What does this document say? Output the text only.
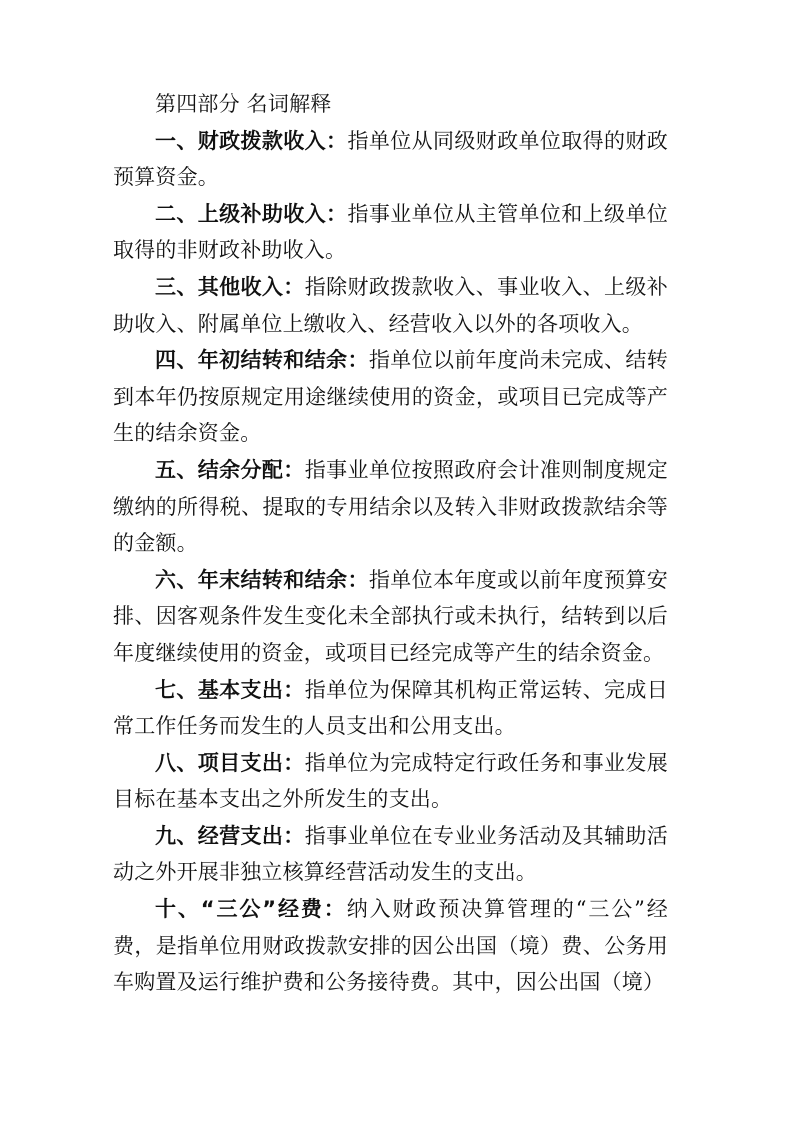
第四部分 名词解释

一、财政拨款收入：指单位从同级财政单位取得的财政预算资金。

二、上级补助收入：指事业单位从主管单位和上级单位取得的非财政补助收入。

三、其他收入：指除财政拨款收入、事业收入、上级补助收入、附属单位上缴收入、经营收入以外的各项收入。

四、年初结转和结余：指单位以前年度尚未完成、结转到本年仍按原规定用途继续使用的资金，或项目已完成等产生的结余资金。

五、结余分配：指事业单位按照政府会计准则制度规定缴纳的所得税、提取的专用结余以及转入非财政拨款结余等的金额。

六、年末结转和结余：指单位本年度或以前年度预算安排、因客观条件发生变化未全部执行或未执行，结转到以后年度继续使用的资金，或项目已经完成等产生的结余资金。

七、基本支出：指单位为保障其机构正常运转、完成日常工作任务而发生的人员支出和公用支出。

八、项目支出：指单位为完成特定行政任务和事业发展目标在基本支出之外所发生的支出。

九、经营支出：指事业单位在专业业务活动及其辅助活动之外开展非独立核算经营活动发生的支出。

十、“三公”经费：纳入财政预决算管理的“三公”经费，是指单位用财政拨款安排的因公出国（境）费、公务用车购置及运行维护费和公务接待费。其中，因公出国（境）
